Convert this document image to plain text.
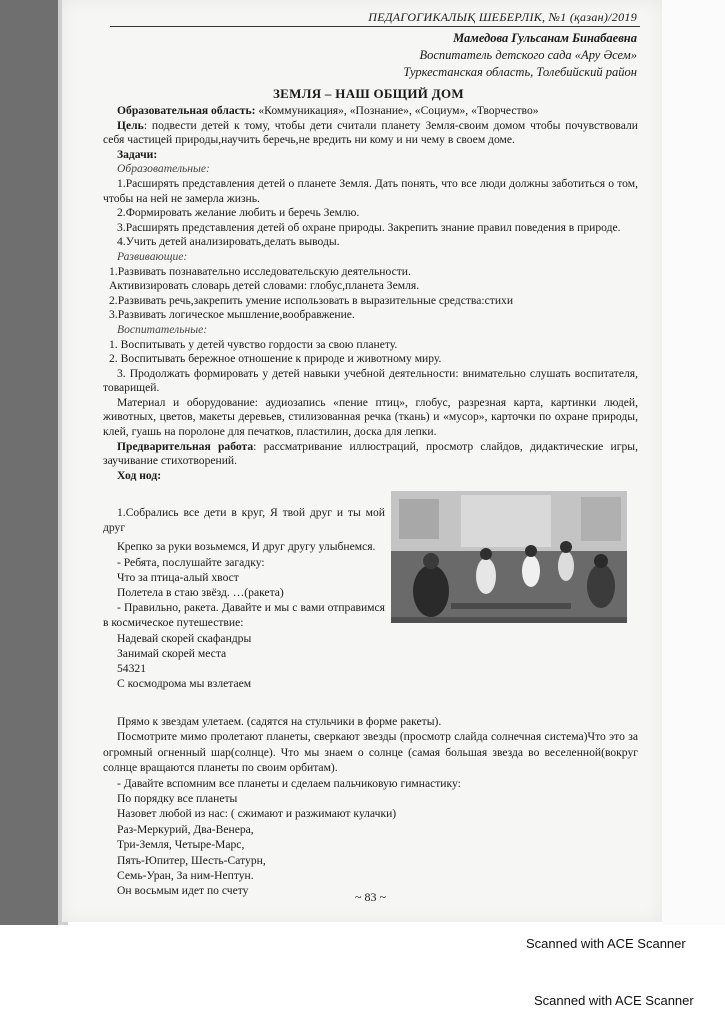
ПЕДАГОГИКАЛЫҚ ШЕБЕРЛІК, №1 (қазан)/2019
Мамедова Гульсанам Бинабаевна
Воспитатель детского сада «Ару Әсем»
Туркестанская область, Толебийский район
ЗЕМЛЯ – НАШ ОБЩИЙ ДОМ

Образовательная область: «Коммуникация», «Познание», «Социум», «Творчество»

Цель: подвести детей к тому, чтобы дети считали планету Земля-своим домом чтобы почувствовали себя частицей природы,научить беречь,не вредить ни кому и ни чему в своем доме.

Задачи:

Образовательные:

1.Расширять представления детей о планете Земля. Дать понять, что все люди должны заботиться о том, чтобы на ней не замерла жизнь.

2.Формировать желание любить и беречь Землю.

3.Расширять представления детей об охране природы. Закрепить знание правил поведения в природе.

4.Учить детей анализировать,делать выводы.

Развивающие:

1.Развивать познавательно исследовательскую деятельности.

Активизировать словарь детей словами: глобус,планета Земля.

2.Развивать речь,закрепить умение использовать в выразительные средства:стихи

3.Развивать логическое мышление,вообравжение.

Воспитательные:

1. Воспитывать у детей чувство гордости за свою планету.

2. Воспитывать бережное отношение к природе и животному миру.

3. Продолжать формировать у детей навыки учебной деятельности: внимательно слушать воспитателя, товарищей.

Материал и оборудование: аудиозапись «пение птиц», глобус, разрезная карта, картинки людей, животных, цветов, макеты деревьев, стилизованная речка (ткань) и «мусор», карточки по охране природы, клей, гуашь на поролоне для печатков, пластилин, доска для лепки.

Предварительная работа: рассматривание иллюстраций, просмотр слайдов, дидактические игры, заучивание стихотворений.

Ход нод:

1.Собрались все дети в круг, Я твой друг и ты мой друг

Крепко за руки возьмемся, И друг другу улыбнемся.

- Ребята, послушайте загадку:

Что за птица-алый хвост

Полетела в стаю звёзд. …(ракета)

- Правильно, ракета. Давайте и мы с вами отправимся в космическое путешествие:

Надевай скорей скафандры

Занимай скорей места

54321

С космодрома мы взлетаем

Прямо к звездам улетаем. (садятся на стульчики в форме ракеты).

Посмотрите мимо пролетают планеты, сверкают звезды (просмотр слайда солнечная система)Что это за огромный огненный шар(солнце). Что мы знаем о солнце (самая большая звезда во веселенной(вокруг солнце вращаются планеты по своим орбитам).

- Давайте вспомним все планеты и сделаем пальчиковую гимнастику:

По порядку все планеты

Назовет любой из нас: ( сжимают и разжимают кулачки)

Раз-Меркурий, Два-Венера,

Три-Земля, Четыре-Марс,

Пять-Юпитер, Шесть-Сатурн,

Семь-Уран, За ним-Нептун.

Он восьмым идет по счету	~ 83 ~
Scanned with ACE Scanner
Scanned with ACE Scanner
